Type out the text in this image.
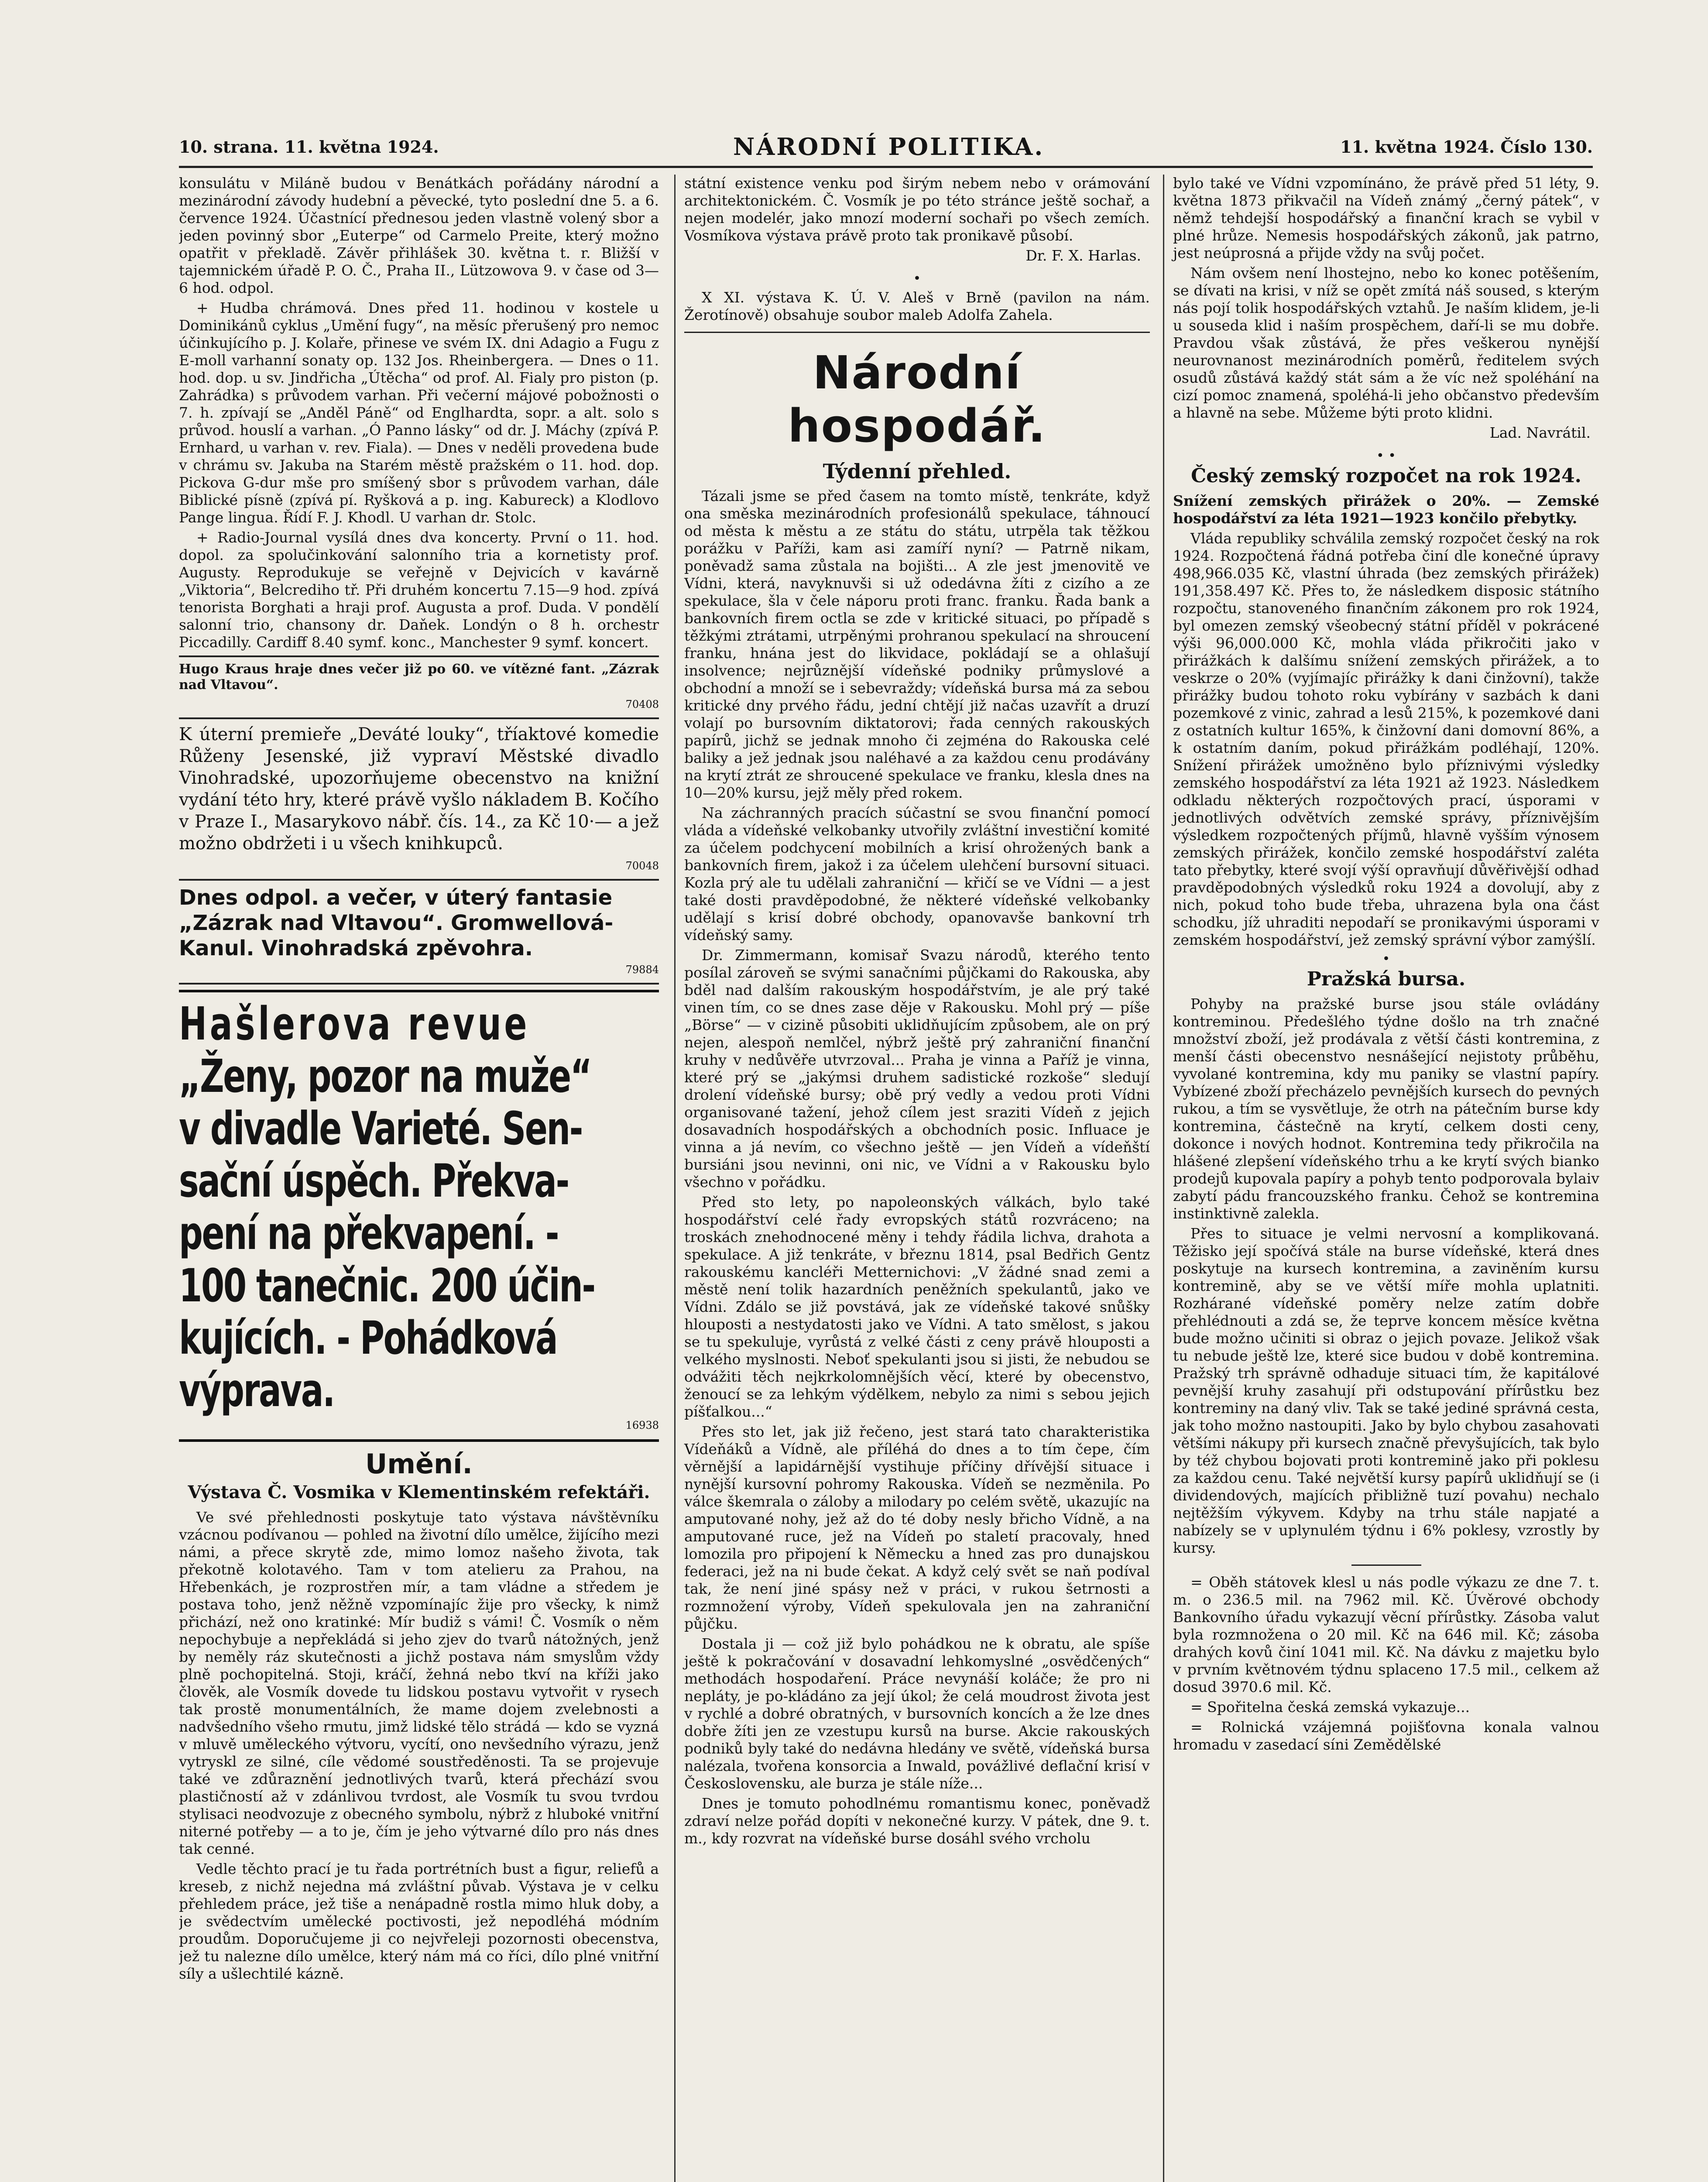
10. strana. 11. května 1924.	NÁRODNÍ POLITIKA.	11. května 1924. Číslo 130.

konsulátu v Miláně budou v Benátkách pořádány národní a mezinárodní závody hudební a pěvecké, tyto poslední dne 5. a 6. července 1924. Účastnící přednesou jeden vlastně volený sbor a jeden povinný sbor „Euterpe“ od Carmelo Preite, který možno opatřit v překladě. Závěr přihlášek 30. května t. r. Bližší v tajemnickém úřadě P. O. Č., Praha II., Lützowova 9. v čase od 3—6 hod. odpol.

+ Hudba chrámová. Dnes před 11. hodinou v kostele u Dominikánů cyklus „Umění fugy“, na měsíc přerušený pro nemoc účinkujícího p. J. Kolaře, přinese ve svém IX. dni Adagio a Fugu z E-moll varhanní sonaty op. 132 Jos. Rheinbergera. — Dnes o 11. hod. dop. u sv. Jindřicha „Útěcha“ od prof. Al. Fialy pro piston (p. Zahrádka) s průvodem varhan. Při večerní májové pobožnosti o 7. h. zpívají se „Anděl Páně“ od Englhardta, sopr. a alt. solo s průvod. houslí a varhan. „Ó Panno lásky“ od dr. J. Máchy (zpívá P. Ernhard, u varhan v. rev. Fiala). — Dnes v neděli provedena bude v chrámu sv. Jakuba na Starém městě pražském o 11. hod. dop. Pickova G-dur mše pro smíšený sbor s průvodem varhan, dále Biblické písně (zpívá pí. Ryšková a p. ing. Kabureck) a Klodlovo Pange lingua. Řídí F. J. Khodl. U varhan dr. Stolc.

+ Radio-Journal vysílá dnes dva koncerty. První o 11. hod. dopol. za spolučinkování salonního tria a kornetisty prof. Augusty. Reprodukuje se veřejně v Dejvicích v kavárně „Viktoria“, Belcrediho tř. Při druhém koncertu 7.15—9 hod. zpívá tenorista Borghati a hraji prof. Augusta a prof. Duda. V pondělí salonní trio, chansony dr. Daňek. Londýn o 8 h. orchestr Piccadilly. Cardiff 8.40 symf. konc., Manchester 9 symf. koncert.

Hugo Kraus hraje dnes večer již po 60. ve vítězné fant. „Zázrak nad Vltavou“.

70408

K úterní premieře „Deváté louky“, tříaktové komedie Růženy Jesenské, již vypraví Městské divadlo Vinohradské, upozorňujeme obecenstvo na knižní vydání této hry, které právě vyšlo nákladem B. Kočího v Praze I., Masarykovo nábř. čís. 14., za Kč 10·— a jež možno obdržeti i u všech knihkupců.

70048

Dnes odpol. a večer, v úterý fantasie

„Zázrak nad Vltavou“. Gromwellová-

Kanul. Vinohradská zpěvohra.

79884

Hašlerova revue

„Ženy, pozor na muže“

v divadle Varieté. Sen-

sační úspěch. Překva-

pení na překvapení. -

100 tanečnic. 200 účin-

kujících. - Pohádková

výprava.

16938

Umění.
Výstava Č. Vosmika v Klementinském refektáři.

Ve své přehlednosti poskytuje tato výstava návštěvníku vzácnou podívanou — pohled na životní dílo umělce, žijícího mezi námi, a přece skrytě zde, mimo lomoz našeho života, tak překotně kolotavého. Tam v tom atelieru za Prahou, na Hřebenkách, je rozprostřen mír, a tam vládne a středem je postava toho, jenž něžně vzpomínajíc žije pro všecky, k nimž přichází, než ono kratinké: Mír budiž s vámi! Č. Vosmík o něm nepochybuje a nepřekládá si jeho zjev do tvarů nátožných, jenž by neměly ráz skutečnosti a jichž postava nám smyslům vždy plně pochopitelná. Stoji, kráčí, žehná nebo tkví na kříži jako člověk, ale Vosmík dovede tu lidskou postavu vytvořit v rysech tak prostě monumentálních, že mame dojem zvelebnosti a nadvšedního všeho rmutu, jimž lidské tělo strádá — kdo se vyzná v mluvě uměleckého výtvoru, vycítí, ono nevšedního výrazu, jenž vytryskl ze silné, cíle vědomé soustředěnosti. Ta se projevuje také ve zdůraznění jednotlivých tvarů, která přechází svou plastičností až v zdánlivou tvrdost, ale Vosmík tu svou tvrdou stylisaci neodvozuje z obecného symbolu, nýbrž z hluboké vnitřní niterné potřeby — a to je, čím je jeho výtvarné dílo pro nás dnes tak cenné.

Vedle těchto prací je tu řada portrétních bust a figur, reliefů a kreseb, z nichž nejedna má zvláštní půvab. Výstava je v celku přehledem práce, jež tiše a nenápadně rostla mimo hluk doby, a je svědectvím umělecké poctivosti, jež nepodléhá módním proudům. Doporučujeme ji co nejvřeleji pozornosti obecenstva, jež tu nalezne dílo umělce, který nám má co říci, dílo plné vnitřní síly a ušlechtilé kázně.

státní existence venku pod širým nebem nebo v orámování architektonickém. Č. Vosmík je po této stránce ještě sochař, a nejen modelér, jako mnozí moderní sochaři po všech zemích. Vosmíkova výstava právě proto tak pronikavě působí.

Dr. F. X. Harlas.
•

X XI. výstava K. Ú. V. Aleš v Brně (pavilon na nám. Žerotínově) obsahuje soubor maleb Adolfa Zahela.

Národní hospodář.
Týdenní přehled.

Tázali jsme se před časem na tomto místě, tenkráte, když ona směska mezinárodních profesionálů spekulace, táhnoucí od města k městu a ze státu do státu, utrpěla tak těžkou porážku v Paříži, kam asi zamíří nyní? — Patrně nikam, poněvadž sama zůstala na bojišti... A zle jest jmenovitě ve Vídni, která, navyknuvši si už odedávna žíti z cizího a ze spekulace, šla v čele náporu proti franc. franku. Řada bank a bankovních firem octla se zde v kritické situaci, po případě s těžkými ztrátami, utrpěnými prohranou spekulací na shroucení franku, hnána jest do likvidace, pokládají se a ohlašují insolvence; nejrůznější vídeňské podniky průmyslové a obchodní a množí se i sebevraždy; vídeňská bursa má za sebou kritické dny prvého řádu, jední chtějí již načas uzavřít a druzí volají po bursovním diktatorovi; řada cenných rakouských papírů, jichž se jednak mnoho či zejména do Rakouska celé baliky a jež jednak jsou naléhavé a za každou cenu prodávány na krytí ztrát ze shroucené spekulace ve franku, klesla dnes na 10—20% kursu, jejž měly před rokem.

Na záchranných pracích súčastní se svou finanční pomocí vláda a vídeňské velkobanky utvořily zvláštní investiční komité za účelem podchycení mobilních a krisí ohrožených bank a bankovních firem, jakož i za účelem ulehčení bursovní situaci. Kozla prý ale tu udělali zahraniční — křičí se ve Vídni — a jest také dosti pravděpodobné, že některé vídeňské velkobanky udělají s krisí dobré obchody, opanovavše bankovní trh vídeňský samy.

Dr. Zimmermann, komisař Svazu národů, kterého tento posílal zároveň se svými sanačními půjčkami do Rakouska, aby bděl nad dalším rakouským hospodářstvím, je ale prý také vinen tím, co se dnes zase děje v Rakousku. Mohl prý — píše „Börse“ — v cizině působiti uklidňujícím způsobem, ale on prý nejen, alespoň nemlčel, nýbrž ještě prý zahraniční finanční kruhy v nedůvěře utvrzoval... Praha je vinna a Paříž je vinna, které prý se „jakýmsi druhem sadistické rozkoše“ sledují drolení vídeňské bursy; obě prý vedly a vedou proti Vídni organisované tažení, jehož cílem jest sraziti Vídeň z jejich dosavadních hospodářských a obchodních posic. Influace je vinna a já nevím, co všechno ještě — jen Vídeň a vídeňští bursiáni jsou nevinni, oni nic, ve Vídni a v Rakousku bylo všechno v pořádku.

Před sto lety, po napoleonských válkách, bylo také hospodářství celé řady evropských států rozvráceno; na troskách znehodnocené měny i tehdy řádila lichva, drahota a spekulace. A již tenkráte, v březnu 1814, psal Bedřich Gentz rakouskému kancléři Metternichovi: „V žádné snad zemi a městě není tolik hazardních peněžních spekulantů, jako ve Vídni. Zdálo se již povstává, jak ze vídeňské takové snůšky hlouposti a nestydatosti jako ve Vídni. A tato smělost, s jakou se tu spekuluje, vyrůstá z velké části z ceny právě hlouposti a velkého myslnosti. Neboť spekulanti jsou si jisti, že nebudou se odvážiti těch nejkrkolomnějších věcí, které by obecenstvo, ženoucí se za lehkým výdělkem, nebylo za nimi s sebou jejich píšťalkou...“

Přes sto let, jak již řečeno, jest stará tato charakteristika Vídeňáků a Vídně, ale příléhá do dnes a to tím čepe, čím věrnější a lapidárnější vystihuje příčiny dřívější situace i nynější kursovní pohromy Rakouska. Vídeň se nezměnila. Po válce škemrala o záloby a milodary po celém světě, ukazujíc na amputované nohy, jež až do té doby nesly břicho Vídně, a na amputované ruce, jež na Vídeň po staletí pracovaly, hned lomozila pro připojení k Německu a hned zas pro dunajskou federaci, jež na ni bude čekat. A když celý svět se naň podíval tak, že není jiné spásy než v práci, v rukou šetrnosti a rozmnožení výroby, Vídeň spekulovala jen na zahraniční půjčku.

Dostala ji — což již bylo pohádkou ne k obratu, ale spíše ještě k pokračování v dosavadní lehkomyslné „osvědčených“ methodách hospodaření. Práce nevynáší koláče; že pro ni nepláty, je po-kládáno za její úkol; že celá moudrost života jest v rychlé a dobré obratných, v bursovních koncích a že lze dnes dobře žíti jen ze vzestupu kursů na burse. Akcie rakouských podniků byly také do nedávna hledány ve světě, vídeňská bursa nalézala, tvořena konsorcia a Inwald, povážlivé deflační krisí v Československu, ale burza je stále níže...

Dnes je tomuto pohodlnému romantismu konec, poněvadž zdraví nelze pořád dopíti v nekonečné kurzy. V pátek, dne 9. t. m., kdy rozvrat na vídeňské burse dosáhl svého vrcholu

bylo také ve Vídni vzpomínáno, že právě před 51 léty, 9. května 1873 přikvačil na Vídeň známý „černý pátek“, v němž tehdejší hospodářský a finanční krach se vybil v plné hrůze. Nemesis hospodářských zákonů, jak patrno, jest neúprosná a přijde vždy na svůj počet.

Nám ovšem není lhostejno, nebo ko konec potěšením, se dívati na krisi, v níž se opět zmítá náš soused, s kterým nás pojí tolik hospodářských vztahů. Je naším klidem, je-li u souseda klid i naším prospěchem, daří-li se mu dobře. Pravdou však zůstává, že přes veškerou nynější neurovnanost mezinárodních poměrů, ředitelem svých osudů zůstává každý stát sám a že víc než spoléhání na cizí pomoc znamená, spoléhá-li jeho občanstvo především a hlavně na sebe. Můžeme býti proto klidni.

Lad. Navrátil.
• •
Český zemský rozpočet na rok 1924.

Snížení zemských přirážek o 20%. — Zemské hospodářství za léta 1921—1923 končilo přebytky.

Vláda republiky schválila zemský rozpočet český na rok 1924. Rozpočtená řádná potřeba činí dle konečné úpravy 498,966.035 Kč, vlastní úhrada (bez zemských přirážek) 191,358.497 Kč. Přes to, že následkem disposic státního rozpočtu, stanoveného finančním zákonem pro rok 1924, byl omezen zemský všeobecný státní příděl v pokrácené výši 96,000.000 Kč, mohla vláda přikročiti jako v přirážkách k dalšímu snížení zemských přirážek, a to veskrze o 20% (vyjímajíc přirážky k dani činžovní), takže přirážky budou tohoto roku vybírány v sazbách k dani pozemkové z vinic, zahrad a lesů 215%, k pozemkové dani z ostatních kultur 165%, k činžovní dani domovní 86%, a k ostatním daním, pokud přirážkám podléhají, 120%. Snížení přirážek umožněno bylo příznivými výsledky zemského hospodářství za léta 1921 až 1923. Následkem odkladu některých rozpočtových prací, úsporami v jednotlivých odvětvích zemské správy, příznivějším výsledkem rozpočtených příjmů, hlavně vyšším výnosem zemských přirážek, končilo zemské hospodářství zaléta tato přebytky, které svojí výší opravňují důvěřivější odhad pravděpodobných výsledků roku 1924 a dovolují, aby z nich, pokud toho bude třeba, uhrazena byla ona část schodku, jíž uhraditi nepodaří se pronikavými úsporami v zemském hospodářství, jež zemský správní výbor zamýšlí.

•
Pražská bursa.

Pohyby na pražské burse jsou stále ovládány kontreminou. Předešlého týdne došlo na trh značné množství zboží, jež prodávala z větší části kontremina, z menší části obecenstvo nesnášející nejistoty průběhu, vyvolané kontremina, kdy mu paniky se vlastní papíry. Vybízené zboží přecházelo pevnějších kursech do pevných rukou, a tím se vysvětluje, že otrh na pátečním burse kdy kontremina, částečně na krytí, celkem dosti ceny, dokonce i nových hodnot. Kontremina tedy přikročila na hlášené zlepšení vídeňského trhu a ke krytí svých bianko prodejů kupovala papíry a pohyb tento podporovala bylaiv zabytí pádu francouzského franku. Čehož se kontremina instinktivně zalekla.

Přes to situace je velmi nervosní a komplikovaná. Těžisko její spočívá stále na burse vídeňské, která dnes poskytuje na kursech kontremina, a zaviněním kursu kontremině, aby se ve větší míře mohla uplatniti. Rozhárané vídeňské poměry nelze zatím dobře přehlédnouti a zdá se, že teprve koncem měsíce května bude možno učiniti si obraz o jejich povaze. Jelikož však tu nebude ještě lze, které sice budou v době kontremina. Pražský trh správně odhaduje situaci tím, že kapitálové pevnější kruhy zasahují při odstupování přírůstku bez kontreminy na daný vliv. Tak se také jediné správná cesta, jak toho možno nastoupiti. Jako by bylo chybou zasahovati většími nákupy při kursech značně převyšujících, tak bylo by též chybou bojovati proti kontremině jako při poklesu za každou cenu. Také největší kursy papírů uklidňují se (i dividendových, majících přibližně tuzí povahu) nechalo nejtěžším výkyvem. Kdyby na trhu stále napjaté a nabízely se v uplynulém týdnu i 6% poklesy, vzrostly by kursy.

= Oběh státovek klesl u nás podle výkazu ze dne 7. t. m. o 236.5 mil. na 7962 mil. Kč. Úvěrové obchody Bankovního úřadu vykazují věcní přírůstky. Zásoba valut byla rozmnožena o 20 mil. Kč na 646 mil. Kč; zásoba drahých kovů činí 1041 mil. Kč. Na dávku z majetku bylo v prvním květnovém týdnu splaceno 17.5 mil., celkem až dosud 3970.6 mil. Kč.

= Spořitelna česká zemská vykazuje...

= Rolnická vzájemná pojišťovna konala valnou hromadu v zasedací síni Zemědělské
